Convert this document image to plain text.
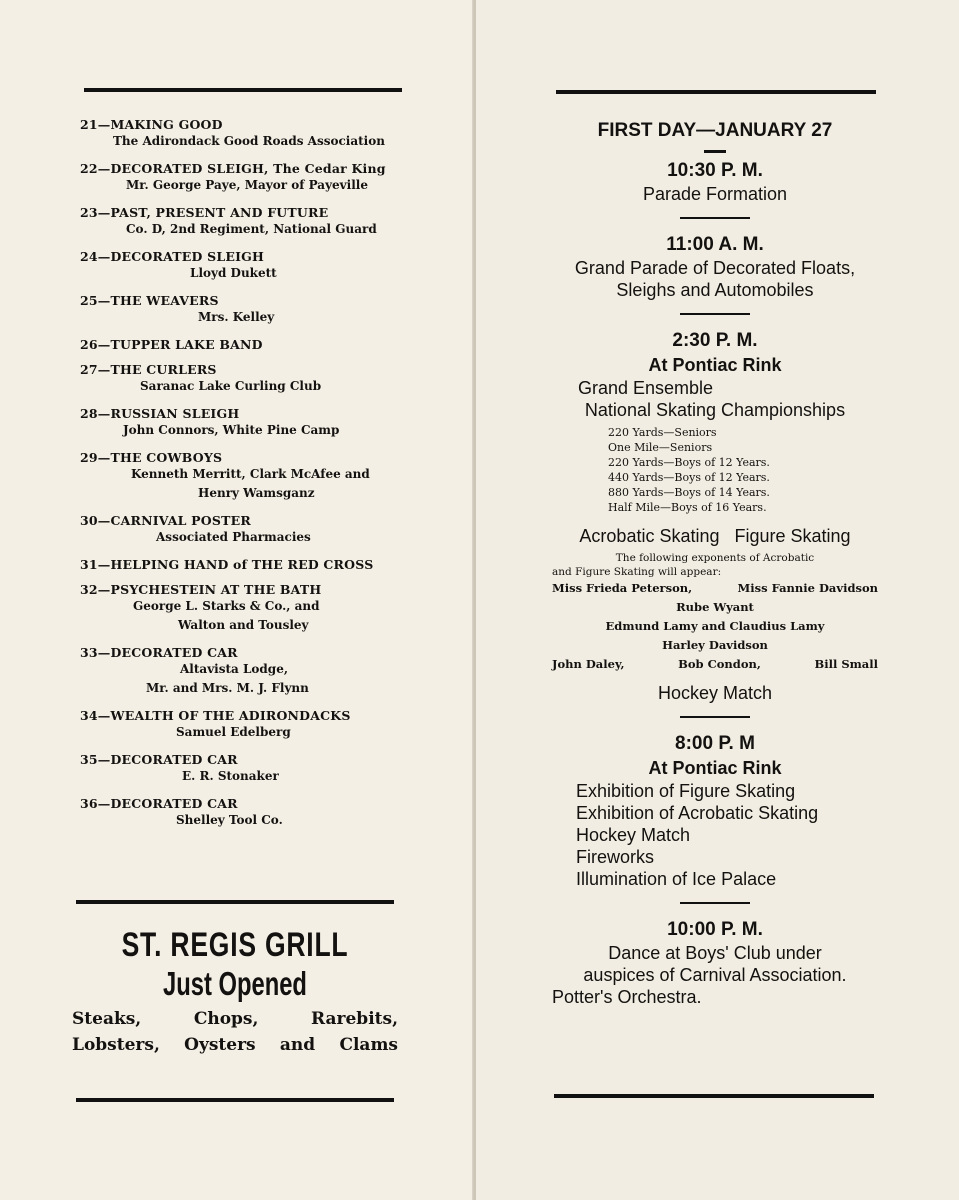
21—MAKING GOOD
The Adirondack Good Roads Association
22—DECORATED SLEIGH, The Cedar King
Mr. George Paye, Mayor of Payeville
23—PAST, PRESENT AND FUTURE
Co. D, 2nd Regiment, National Guard
24—DECORATED SLEIGH
Lloyd Dukett
25—THE WEAVERS
Mrs. Kelley
26—TUPPER LAKE BAND
27—THE CURLERS
Saranac Lake Curling Club
28—RUSSIAN SLEIGH
John Connors, White Pine Camp
29—THE COWBOYS
Kenneth Merritt, Clark McAfee and
Henry Wamsganz
30—CARNIVAL POSTER
Associated Pharmacies
31—HELPING HAND of THE RED CROSS
32—PSYCHESTEIN AT THE BATH
George L. Starks & Co., and
Walton and Tousley
33—DECORATED CAR
Altavista Lodge,
Mr. and Mrs. M. J. Flynn
34—WEALTH OF THE ADIRONDACKS
Samuel Edelberg
35—DECORATED CAR
E. R. Stonaker
36—DECORATED CAR
Shelley Tool Co.
ST. REGIS GRILL
Just Opened
Steaks,	Chops,	Rarebits,
Lobsters, Oysters and Clams
FIRST DAY—JANUARY 27
10:30 P. M.
Parade Formation
11:00 A. M.
Grand Parade of Decorated Floats,
Sleighs and Automobiles
2:30 P. M.
At Pontiac Rink
Grand Ensemble
National Skating Championships
220 Yards—Seniors
One Mile—Seniors
220 Yards—Boys of 12 Years.
440 Yards—Boys of 12 Years.
880 Yards—Boys of 14 Years.
Half Mile—Boys of 16 Years.
Acrobatic Skating   Figure Skating
The following exponents of Acrobatic
and Figure Skating will appear:
Miss Frieda Peterson,	Miss Fannie Davidson
Rube Wyant
Edmund Lamy and Claudius Lamy
Harley Davidson
John Daley,	Bob Condon,	Bill Small
Hockey Match
8:00 P. M
At Pontiac Rink
Exhibition of Figure Skating
Exhibition of Acrobatic Skating
Hockey Match
Fireworks
Illumination of Ice Palace
10:00 P. M.
Dance at Boys' Club under
auspices of Carnival Association.
Potter's Orchestra.
